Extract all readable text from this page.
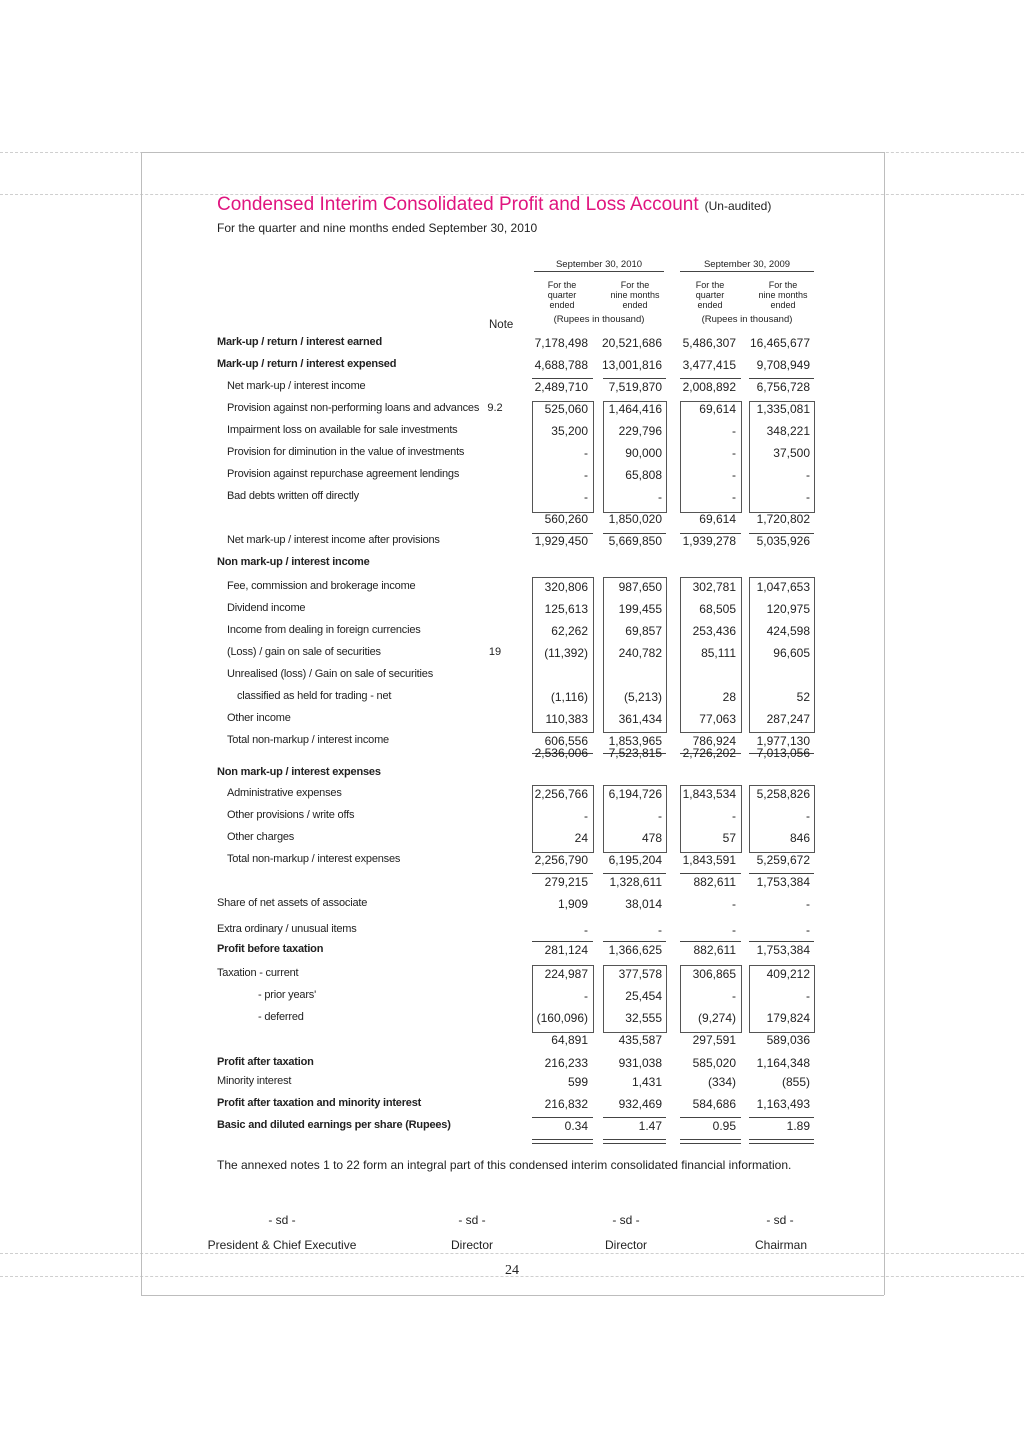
Condensed Interim Consolidated Profit and Loss Account (Un-audited)
For the quarter and nine months ended September 30, 2010
September 30, 2010	September 30, 2009
For the
quarter
ended
For the
nine months
ended
For the
quarter
ended
For the
nine months
ended
(Rupees in thousand)	(Rupees in thousand)
Note
Mark-up / return / interest earned	7,178,498 20,521,686	5,486,307 16,465,677
Mark-up / return / interest expensed	4,688,788 13,001,816	3,477,415	9,708,949
Net mark-up / interest income	2,489,710	7,519,870	2,008,892	6,756,728
Provision against non-performing loans and advances 9.2	525,060	1,464,416	69,614	1,335,081
Impairment loss on available for sale investments	35,200	229,796	-	348,221
Provision for diminution in the value of investments	-	90,000	-	37,500
Provision against repurchase agreement lendings	-	65,808	-	-
Bad debts written off directly	-	-	-	-
560,260	1,850,020	69,614	1,720,802
Net mark-up / interest income after provisions	1,929,450	5,669,850	1,939,278	5,035,926
Non mark-up / interest income
Fee, commission and brokerage income	320,806	987,650	302,781	1,047,653
Dividend income	125,613	199,455	68,505	120,975
Income from dealing in foreign currencies	62,262	69,857	253,436	424,598
(Loss) / gain on sale of securities	19	(11,392)	240,782	85,111	96,605
Unrealised (loss) / Gain on sale of securities
classified as held for trading - net	(1,116)	(5,213)	28	52
Other income	110,383	361,434	77,063	287,247
Total non-markup / interest income	606,556	1,853,965	786,924	1,977,130
2,536,006	7,523,815	2,726,202	7,013,056
Non mark-up / interest expenses
Administrative expenses	2,256,766	6,194,726	1,843,534	5,258,826
Other provisions / write offs	-	-	-	-
Other charges	24	478	57	846
Total non-markup / interest expenses	2,256,790	6,195,204	1,843,591	5,259,672
279,215	1,328,611	882,611	1,753,384
Share of net assets of associate	1,909	38,014	-	-
Extra ordinary / unusual items	-	-	-	-
Profit before taxation	281,124	1,366,625	882,611	1,753,384
Taxation - current	224,987	377,578	306,865	409,212
- prior years'	-	25,454	-	-
- deferred	(160,096)	32,555	(9,274)	179,824
64,891	435,587	297,591	589,036
Profit after taxation	216,233	931,038	585,020	1,164,348
Minority interest	599	1,431	(334)	(855)
Profit after taxation and minority interest	216,832	932,469	584,686	1,163,493
Basic and diluted earnings per share (Rupees)	0.34	1.47	0.95	1.89
The annexed notes 1 to 22 form an integral part of this condensed interim consolidated financial information.
- sd -	- sd -	- sd -	- sd -
President & Chief Executive	Director	Director	Chairman
24
